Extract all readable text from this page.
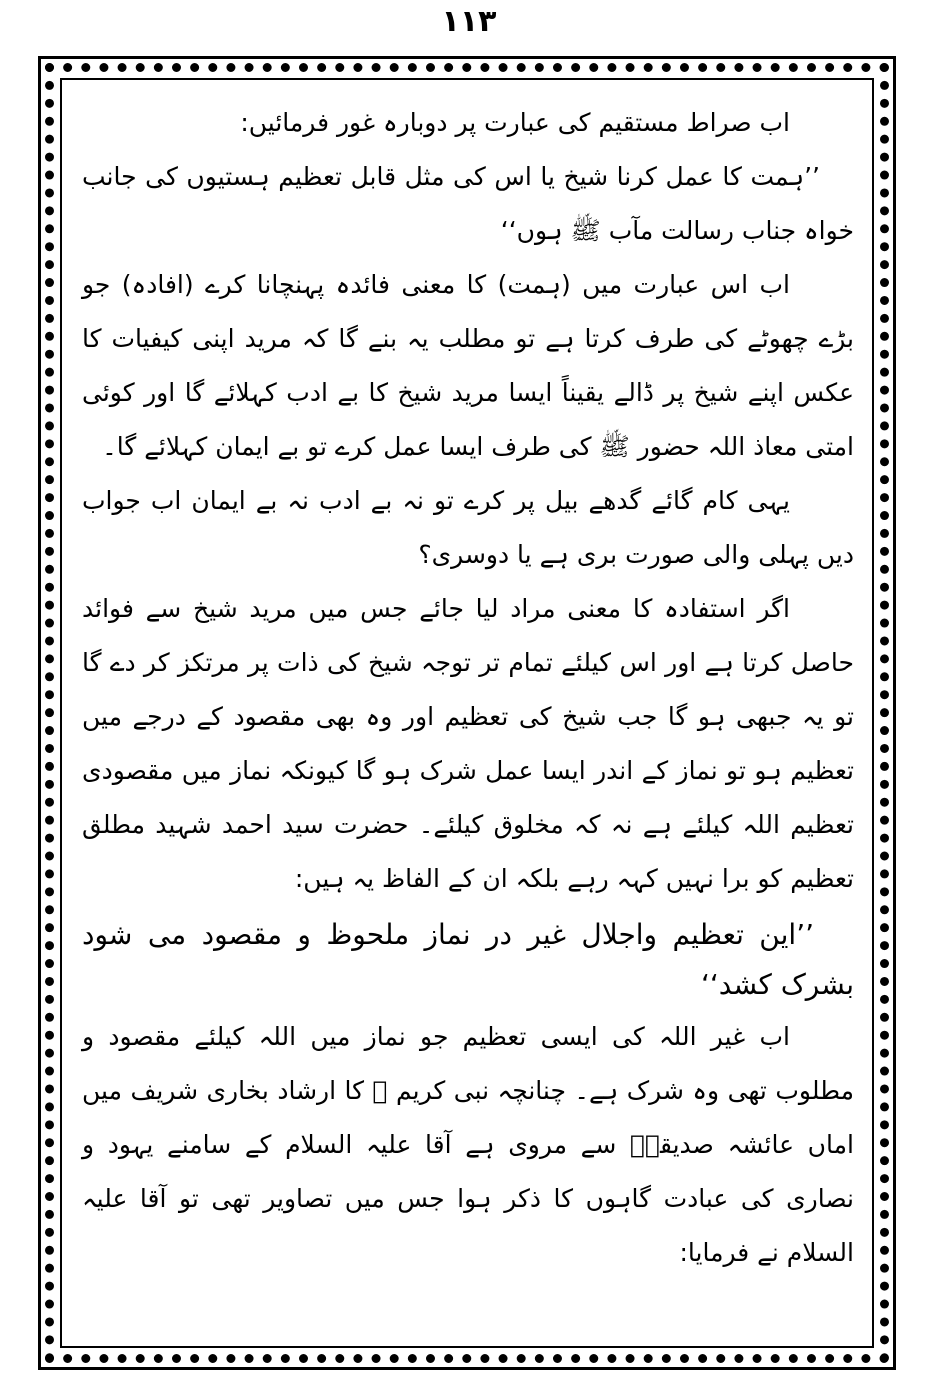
۱۱۳

اب صراط مستقیم کی عبارت پر دوبارہ غور فرمائیں:

’’ہمت کا عمل کرنا شیخ یا اس کی مثل قابل تعظیم ہستیوں کی جانب خواہ جناب رسالت مآب ﷺ ہوں‘‘

اب اس عبارت میں (ہمت) کا معنی فائدہ پہنچانا کرے (افادہ) جو بڑے چھوٹے کی طرف کرتا ہے تو مطلب یہ بنے گا کہ مرید اپنی کیفیات کا عکس اپنے شیخ پر ڈالے یقیناً ایسا مرید شیخ کا بے ادب کہلائے گا اور کوئی امتی معاذ اللہ حضور ﷺ کی طرف ایسا عمل کرے تو بے ایمان کہلائے گا۔

یہی کام گائے گدھے بیل پر کرے تو نہ بے ادب نہ بے ایمان اب جواب دیں پہلی والی صورت بری ہے یا دوسری؟

اگر استفادہ کا معنی مراد لیا جائے جس میں مرید شیخ سے فوائد حاصل کرتا ہے اور اس کیلئے تمام تر توجہ شیخ کی ذات پر مرتکز کر دے گا تو یہ جبھی ہو گا جب شیخ کی تعظیم اور وہ بھی مقصود کے درجے میں تعظیم ہو تو نماز کے اندر ایسا عمل شرک ہو گا کیونکہ نماز میں مقصودی تعظیم اللہ کیلئے ہے نہ کہ مخلوق کیلئے۔ حضرت سید احمد شہید مطلق تعظیم کو برا نہیں کہہ رہے بلکہ ان کے الفاظ یہ ہیں:

’’این تعظیم واجلال غیر در نماز ملحوظ و مقصود می شود بشرک کشد‘‘

اب غیر اللہ کی ایسی تعظیم جو نماز میں اللہ کیلئے مقصود و مطلوب تھی وہ شرک ہے۔ چنانچہ نبی کریم ﷺ کا ارشاد بخاری شریف میں اماں عائشہ صدیقہؓ سے مروی ہے آقا علیہ السلام کے سامنے یہود و نصاری کی عبادت گاہوں کا ذکر ہوا جس میں تصاویر تھی تو آقا علیہ السلام نے فرمایا:
